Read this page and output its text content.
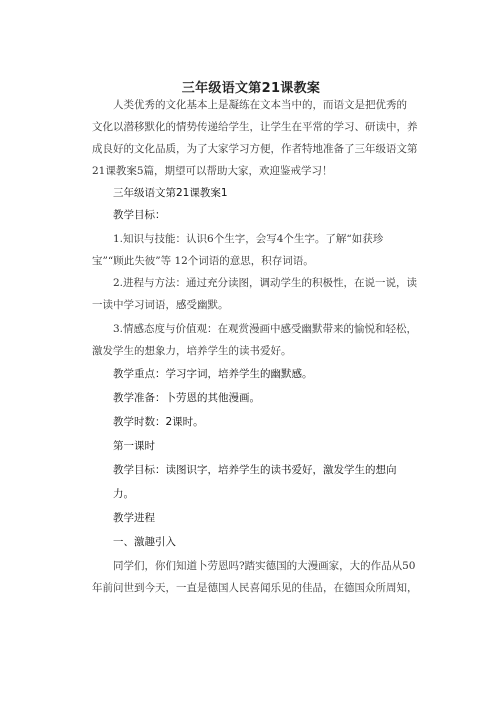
三年级语文第21课教案
人类优秀的文化基本上是凝练在文本当中的，而语文是把优秀的
文化以潜移默化的情势传递给学生，让学生在平常的学习、研读中，养
成良好的文化品质，为了大家学习方便，作者特地准备了三年级语文第
21课教案5篇，期望可以帮助大家，欢迎鉴戒学习！
三年级语文第21课教案1
教学目标：
1.知识与技能：认识6个生字，会写4个生字。了解“如获珍
宝”“顾此失彼”等 12个词语的意思，积存词语。
2.进程与方法：通过充分读图，调动学生的积极性，在说一说，读
一读中学习词语，感受幽默。
3.情感态度与价值观：在观赏漫画中感受幽默带来的愉悦和轻松，
激发学生的想象力，培养学生的读书爱好。
教学重点：学习字词，培养学生的幽默感。
教学准备：卜劳恩的其他漫画。
教学时数：2课时。
第一课时
教学目标：读图识字，培养学生的读书爱好，激发学生的想向
力。
教学进程
一、激趣引入
同学们，你们知道卜劳恩吗?踏实德国的大漫画家，大的作品从50
年前问世到今天，一直是德国人民喜闻乐见的佳品，在德国众所周知，
